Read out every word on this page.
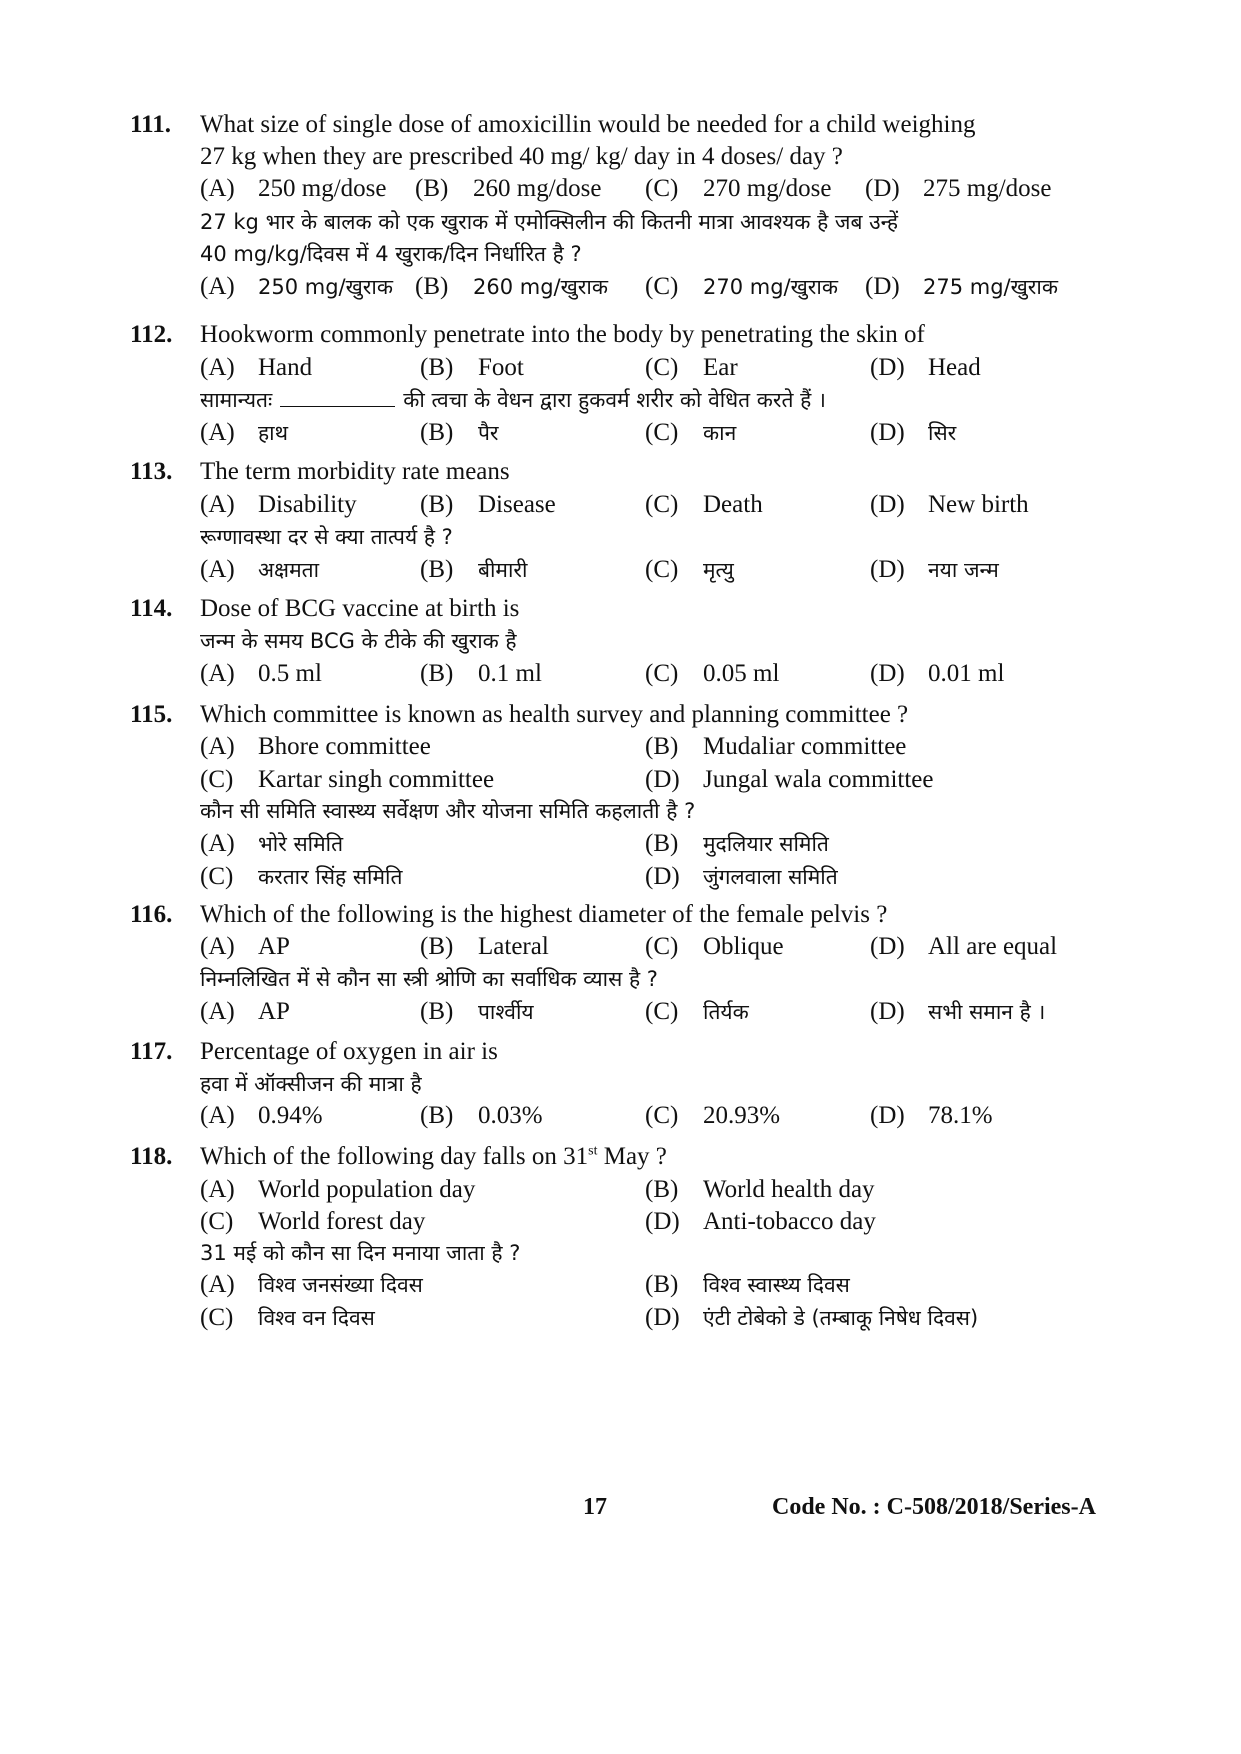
111. What size of single dose of amoxicillin would be needed for a child weighing
27 kg when they are prescribed 40 mg/ kg/ day in 4 doses/ day ?
(A) 250 mg/dose (B) 260 mg/dose (C) 270 mg/dose (D) 275 mg/dose
27 kg भार के बालक को एक खुराक में एमोक्सिलीन की कितनी मात्रा आवश्यक है जब उन्हें
40 mg/kg/दिवस में 4 खुराक/दिन निर्धारित है ?
(A) 250 mg/खुराक (B) 260 mg/खुराक (C) 270 mg/खुराक (D) 275 mg/खुराक
112. Hookworm commonly penetrate into the body by penetrating the skin of
(A) Hand	(B) Foot	(C) Ear	(D) Head
सामान्यतः	की त्वचा के वेधन द्वारा हुकवर्म शरीर को वेधित करते हैं ।
(A) हाथ	(B) पैर	(C) कान	(D) सिर
113. The term morbidity rate means
(A) Disability	(B) Disease	(C) Death	(D) New birth
रूग्णावस्था दर से क्या तात्पर्य है ?
(A) अक्षमता	(B) बीमारी	(C) मृत्यु	(D) नया जन्म
114. Dose of BCG vaccine at birth is
जन्म के समय BCG के टीके की खुराक है
(A) 0.5 ml	(B) 0.1 ml	(C) 0.05 ml	(D) 0.01 ml
115. Which committee is known as health survey and planning committee ?
(A) Bhore committee	(B) Mudaliar committee
(C) Kartar singh committee	(D) Jungal wala committee
कौन सी समिति स्वास्थ्य सर्वेक्षण और योजना समिति कहलाती है ?
(A) भोरे समिति	(B) मुदलियार समिति
(C) करतार सिंह समिति	(D) जुंगलवाला समिति
116. Which of the following is the highest diameter of the female pelvis ?
(A) AP	(B) Lateral	(C) Oblique	(D) All are equal
निम्नलिखित में से कौन सा स्त्री श्रोणि का सर्वाधिक व्यास है ?
(A) AP	(B) पार्श्वीय	(C) तिर्यक	(D) सभी समान है ।
117. Percentage of oxygen in air is
हवा में ऑक्सीजन की मात्रा है
(A) 0.94%	(B) 0.03%	(C) 20.93%	(D) 78.1%
118. Which of the following day falls on 31st May ?
(A) World population day	(B) World health day
(C) World forest day	(D) Anti-tobacco day
31 मई को कौन सा दिन मनाया जाता है ?
(A) विश्व जनसंख्या दिवस	(B) विश्व स्वास्थ्य दिवस
(C) विश्व वन दिवस	(D) एंटी टोबेको डे (तम्बाकू निषेध दिवस)
17	Code No. : C-508/2018/Series-A
